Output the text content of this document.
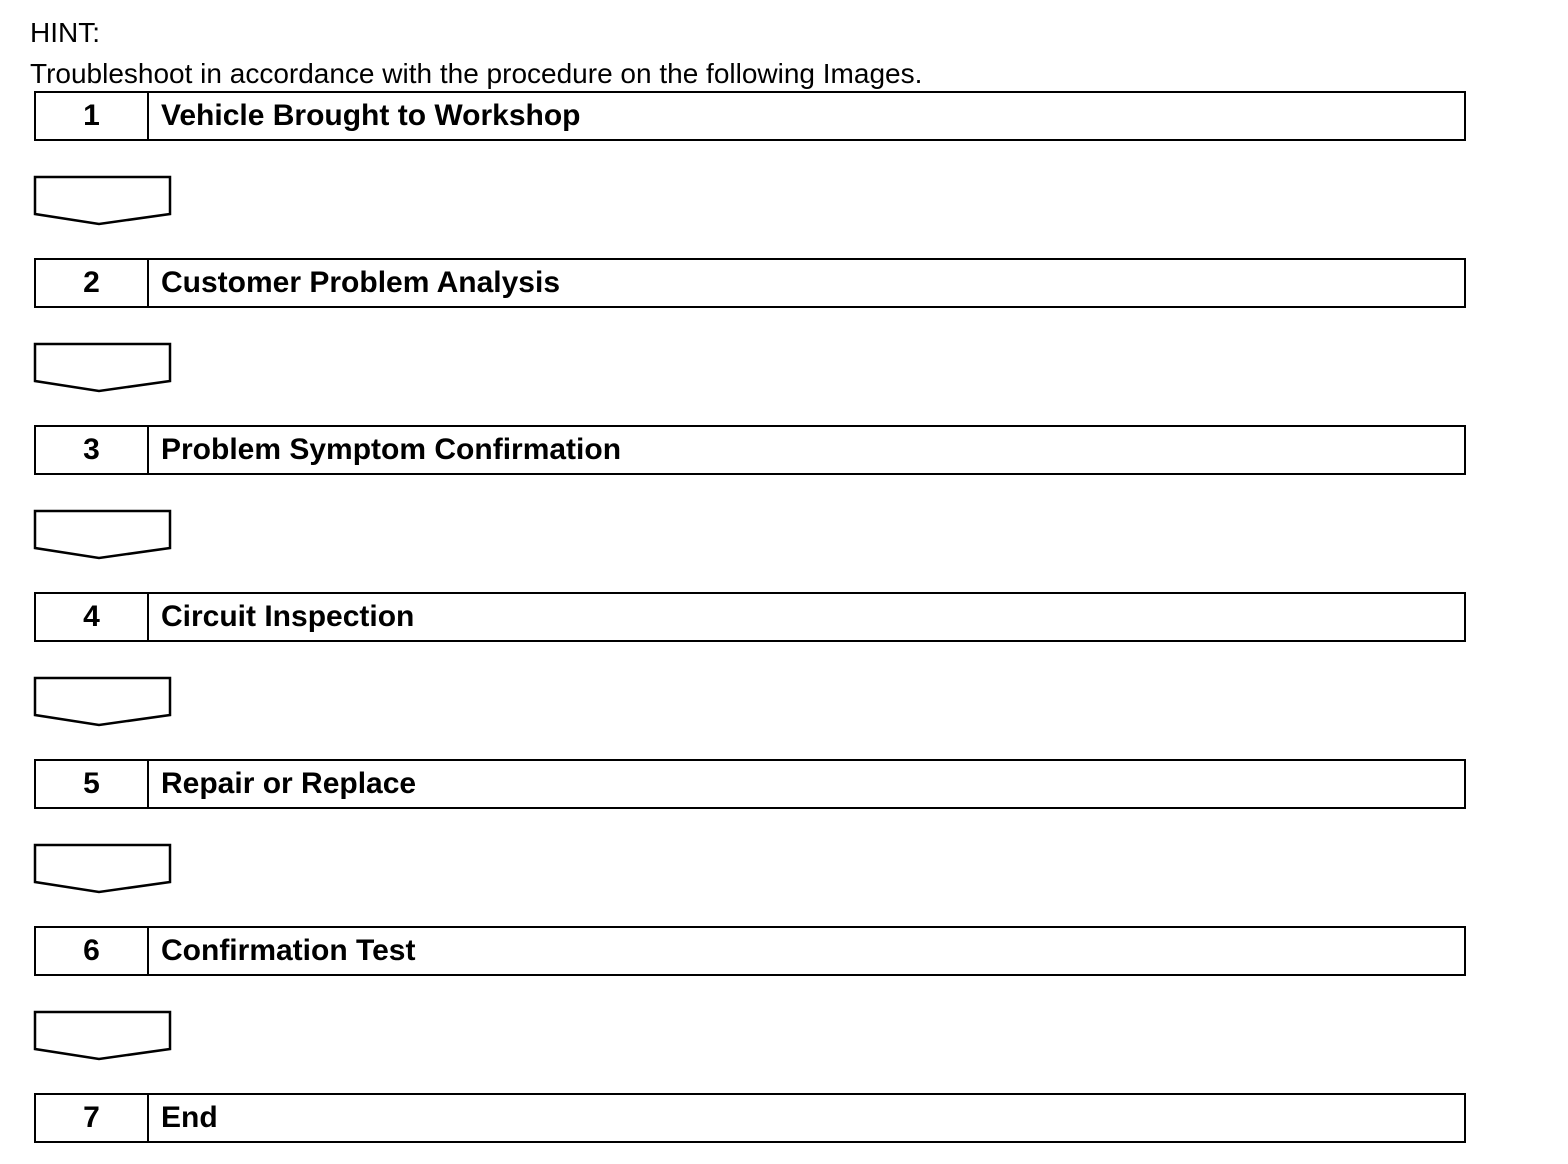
HINT:

Troubleshoot in accordance with the procedure on the following Images.

1	Vehicle Brought to Workshop
2	Customer Problem Analysis
3	Problem Symptom Confirmation
4	Circuit Inspection
5	Repair or Replace
6	Confirmation Test
7	End
